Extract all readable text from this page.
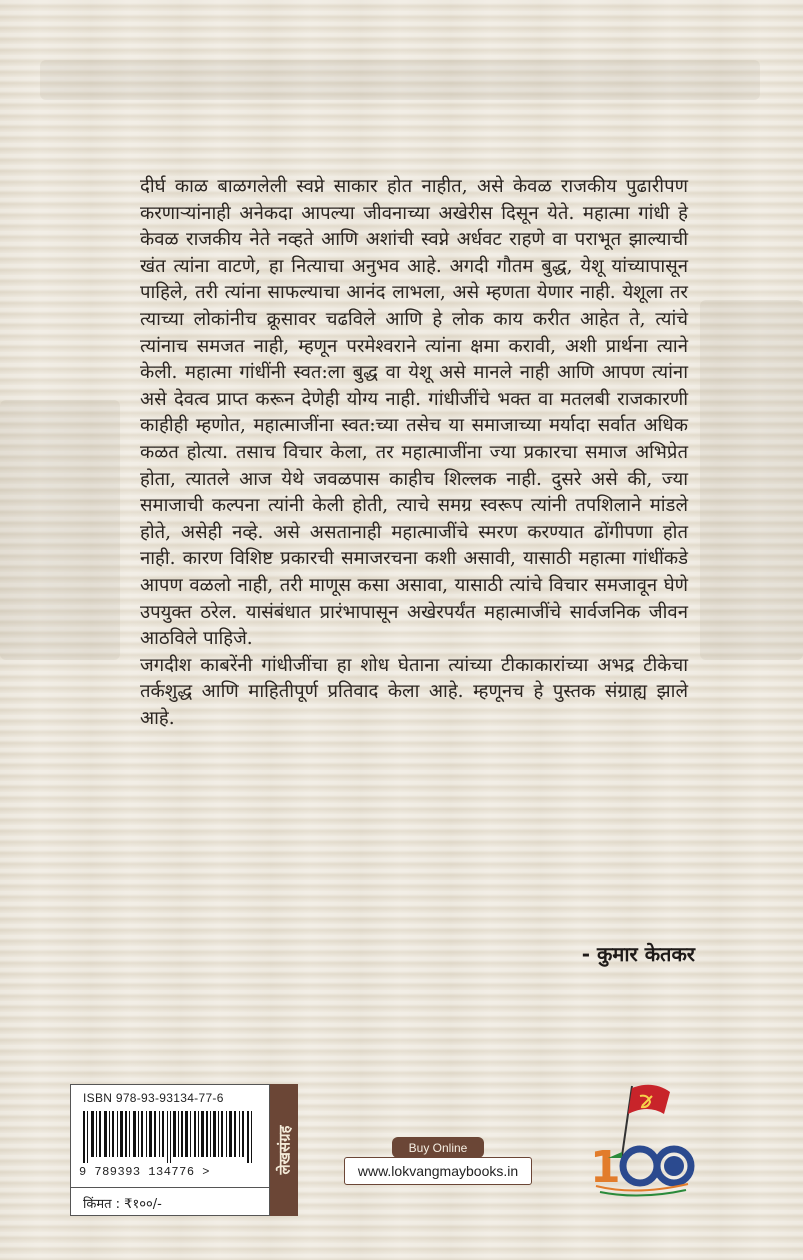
दीर्घ काळ बाळगलेली स्वप्ने साकार होत नाहीत, असे केवळ राजकीय पुढारीपण करणाऱ्यांनाही अनेकदा आपल्या जीवनाच्या अखेरीस दिसून येते. महात्मा गांधी हे केवळ राजकीय नेते नव्हते आणि अशांची स्वप्ने अर्धवट राहणे वा पराभूत झाल्याची खंत त्यांना वाटणे, हा नित्याचा अनुभव आहे. अगदी गौतम बुद्ध, येशू यांच्यापासून पाहिले, तरी त्यांना साफल्याचा आनंद लाभला, असे म्हणता येणार नाही. येशूला तर त्याच्या लोकांनीच क्रूसावर चढविले आणि हे लोक काय करीत आहेत ते, त्यांचे त्यांनाच समजत नाही, म्हणून परमेश्वराने त्यांना क्षमा करावी, अशी प्रार्थना त्याने केली. महात्मा गांधींनी स्वत:ला बुद्ध वा येशू असे मानले नाही आणि आपण त्यांना असे देवत्व प्राप्त करून देणेही योग्य नाही. गांधीजींचे भक्त वा मतलबी राजकारणी काहीही म्हणोत, महात्माजींना स्वत:च्या तसेच या समाजाच्या मर्यादा सर्वात अधिक कळत होत्या. तसाच विचार केला, तर महात्माजींना ज्या प्रकारचा समाज अभिप्रेत होता, त्यातले आज येथे जवळपास काहीच शिल्लक नाही. दुसरे असे की, ज्या समाजाची कल्पना त्यांनी केली होती, त्याचे समग्र स्वरूप त्यांनी तपशिलाने मांडले होते, असेही नव्हे. असे असतानाही महात्माजींचे स्मरण करण्यात ढोंगीपणा होत नाही. कारण विशिष्ट प्रकारची समाजरचना कशी असावी, यासाठी महात्मा गांधींकडे आपण वळलो नाही, तरी माणूस कसा असावा, यासाठी त्यांचे विचार समजावून घेणे उपयुक्त ठरेल. यासंबंधात प्रारंभापासून अखेरपर्यंत महात्माजींचे सार्वजनिक जीवन आठविले पाहिजे.

जगदीश काबरेंनी गांधीजींचा हा शोध घेताना त्यांच्या टीकाकारांच्या अभद्र टीकेचा तर्कशुद्ध आणि माहितीपूर्ण प्रतिवाद केला आहे. म्हणूनच हे पुस्तक संग्राह्य झाले आहे.

- कुमार केतकर
ISBN 978-93-93134-77-6
9 789393 134776 >
किंमत : ₹१००/-
लेखसंग्रह	Buy Online
www.lokvangmaybooks.in	1
